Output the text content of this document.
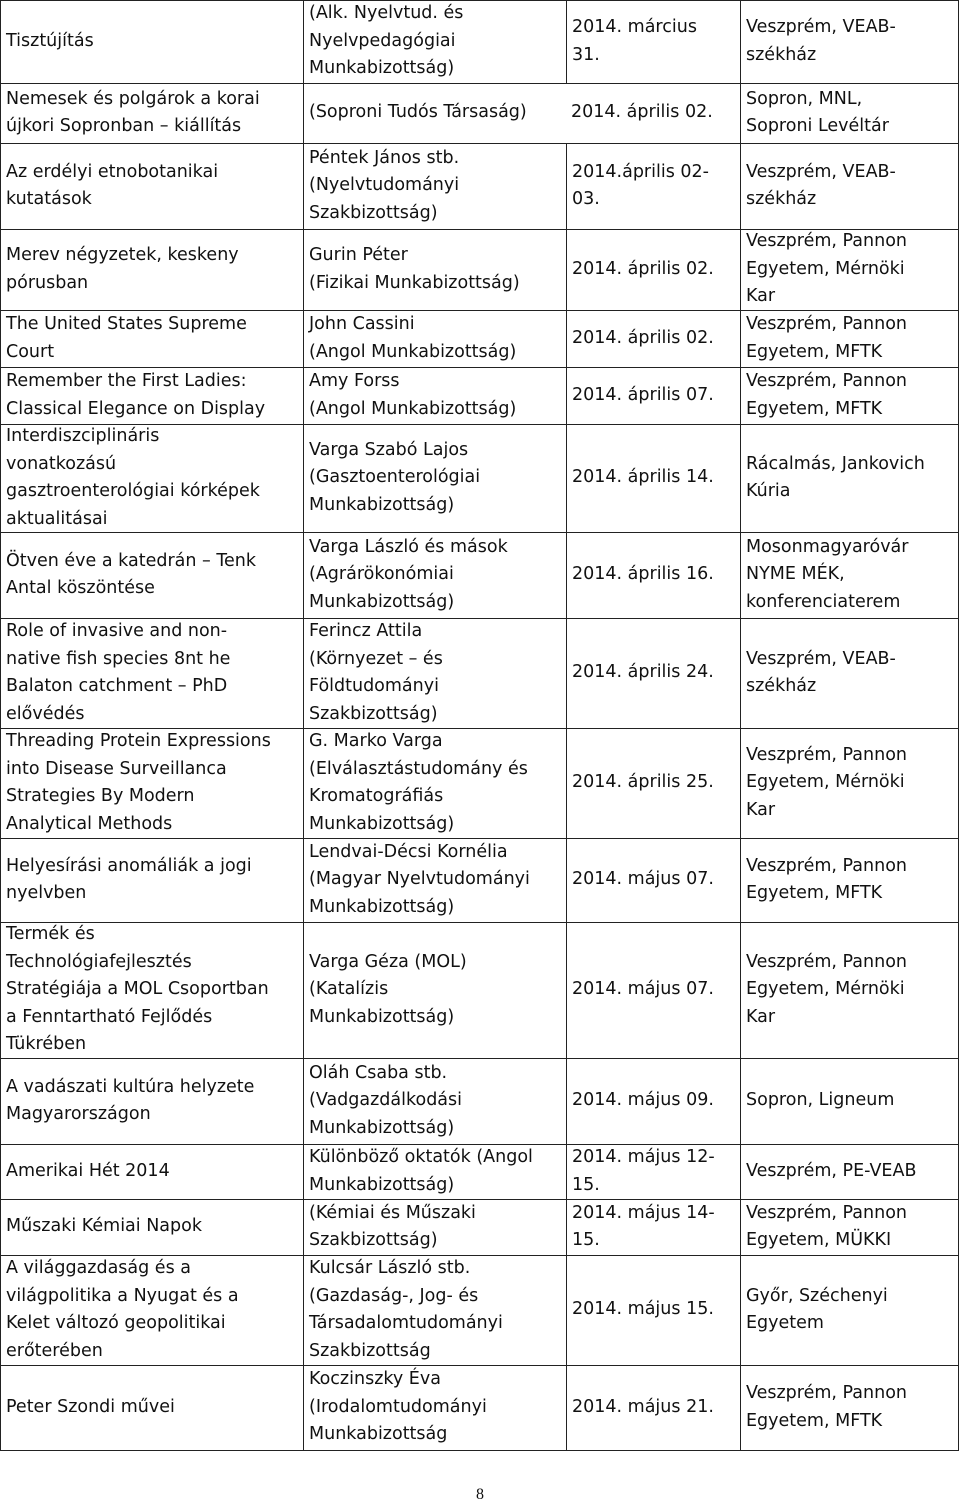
Tisztújítás
(Alk. Nyelvtud. és
Nyelvpedagógiai
Munkabizottság)
2014. március
31.
Veszprém, VEAB-
székház
Nemesek és polgárok a korai
újkori Sopronban – kiállítás
(Soproni Tudós Társaság)	2014. április 02.
Sopron, MNL,
Soproni Levéltár
Az erdélyi etnobotanikai
kutatások
Péntek János stb.
(Nyelvtudományi
Szakbizottság)
2014.április 02-
03.
Veszprém, VEAB-
székház
Merev négyzetek, keskeny
pórusban
Gurin Péter
(Fizikai Munkabizottság)
2014. április 02.
Veszprém, Pannon
Egyetem, Mérnöki
Kar
The United States Supreme
Court
John Cassini
(Angol Munkabizottság)
2014. április 02.
Veszprém, Pannon
Egyetem, MFTK
Remember the First Ladies:
Classical Elegance on Display
Amy Forss
(Angol Munkabizottság)
2014. április 07.
Veszprém, Pannon
Egyetem, MFTK
Interdiszciplináris
vonatkozású
gasztroenterológiai kórképek
aktualitásai
Varga Szabó Lajos
(Gasztoenterológiai
Munkabizottság)
2014. április 14.
Rácalmás, Jankovich
Kúria
Ötven éve a katedrán – Tenk
Antal köszöntése
Varga László és mások
(Agrárökonómiai
Munkabizottság)
2014. április 16.
Mosonmagyaróvár
NYME MÉK,
konferenciaterem
Role of invasive and non-
native fish species 8nt he
Balaton catchment – PhD
elővédés
Ferincz Attila
(Környezet – és
Földtudományi
Szakbizottság)
2014. április 24.
Veszprém, VEAB-
székház
Threading Protein Expressions
into Disease Surveillanca
Strategies By Modern
Analytical Methods
G. Marko Varga
(Elválasztástudomány és
Kromatográfiás
Munkabizottság)
2014. április 25.
Veszprém, Pannon
Egyetem, Mérnöki
Kar
Helyesírási anomáliák a jogi
nyelvben
Lendvai-Décsi Kornélia
(Magyar Nyelvtudományi
Munkabizottság)
2014. május 07.
Veszprém, Pannon
Egyetem, MFTK
Termék és
Technológiafejlesztés
Stratégiája a MOL Csoportban
a Fenntartható Fejlődés
Tükrében
Varga Géza (MOL)
(Katalízis
Munkabizottság)
2014. május 07.
Veszprém, Pannon
Egyetem, Mérnöki
Kar
A vadászati kultúra helyzete
Magyarországon
Oláh Csaba stb.
(Vadgazdálkodási
Munkabizottság)
2014. május 09. Sopron, Ligneum
Amerikai Hét 2014
Különböző oktatók (Angol
Munkabizottság)
2014. május 12-
15.
Veszprém, PE-VEAB
Műszaki Kémiai Napok
(Kémiai és Műszaki
Szakbizottság)
2014. május 14-
15.
Veszprém, Pannon
Egyetem, MÜKKI
A világgazdaság és a
világpolitika a Nyugat és a
Kelet változó geopolitikai
erőterében
Kulcsár László stb.
(Gazdaság-, Jog- és
Társadalomtudományi
Szakbizottság
2014. május 15.
Győr, Széchenyi
Egyetem
Peter Szondi művei
Koczinszky Éva
(Irodalomtudományi
Munkabizottság
2014. május 21.
Veszprém, Pannon
Egyetem, MFTK
8
